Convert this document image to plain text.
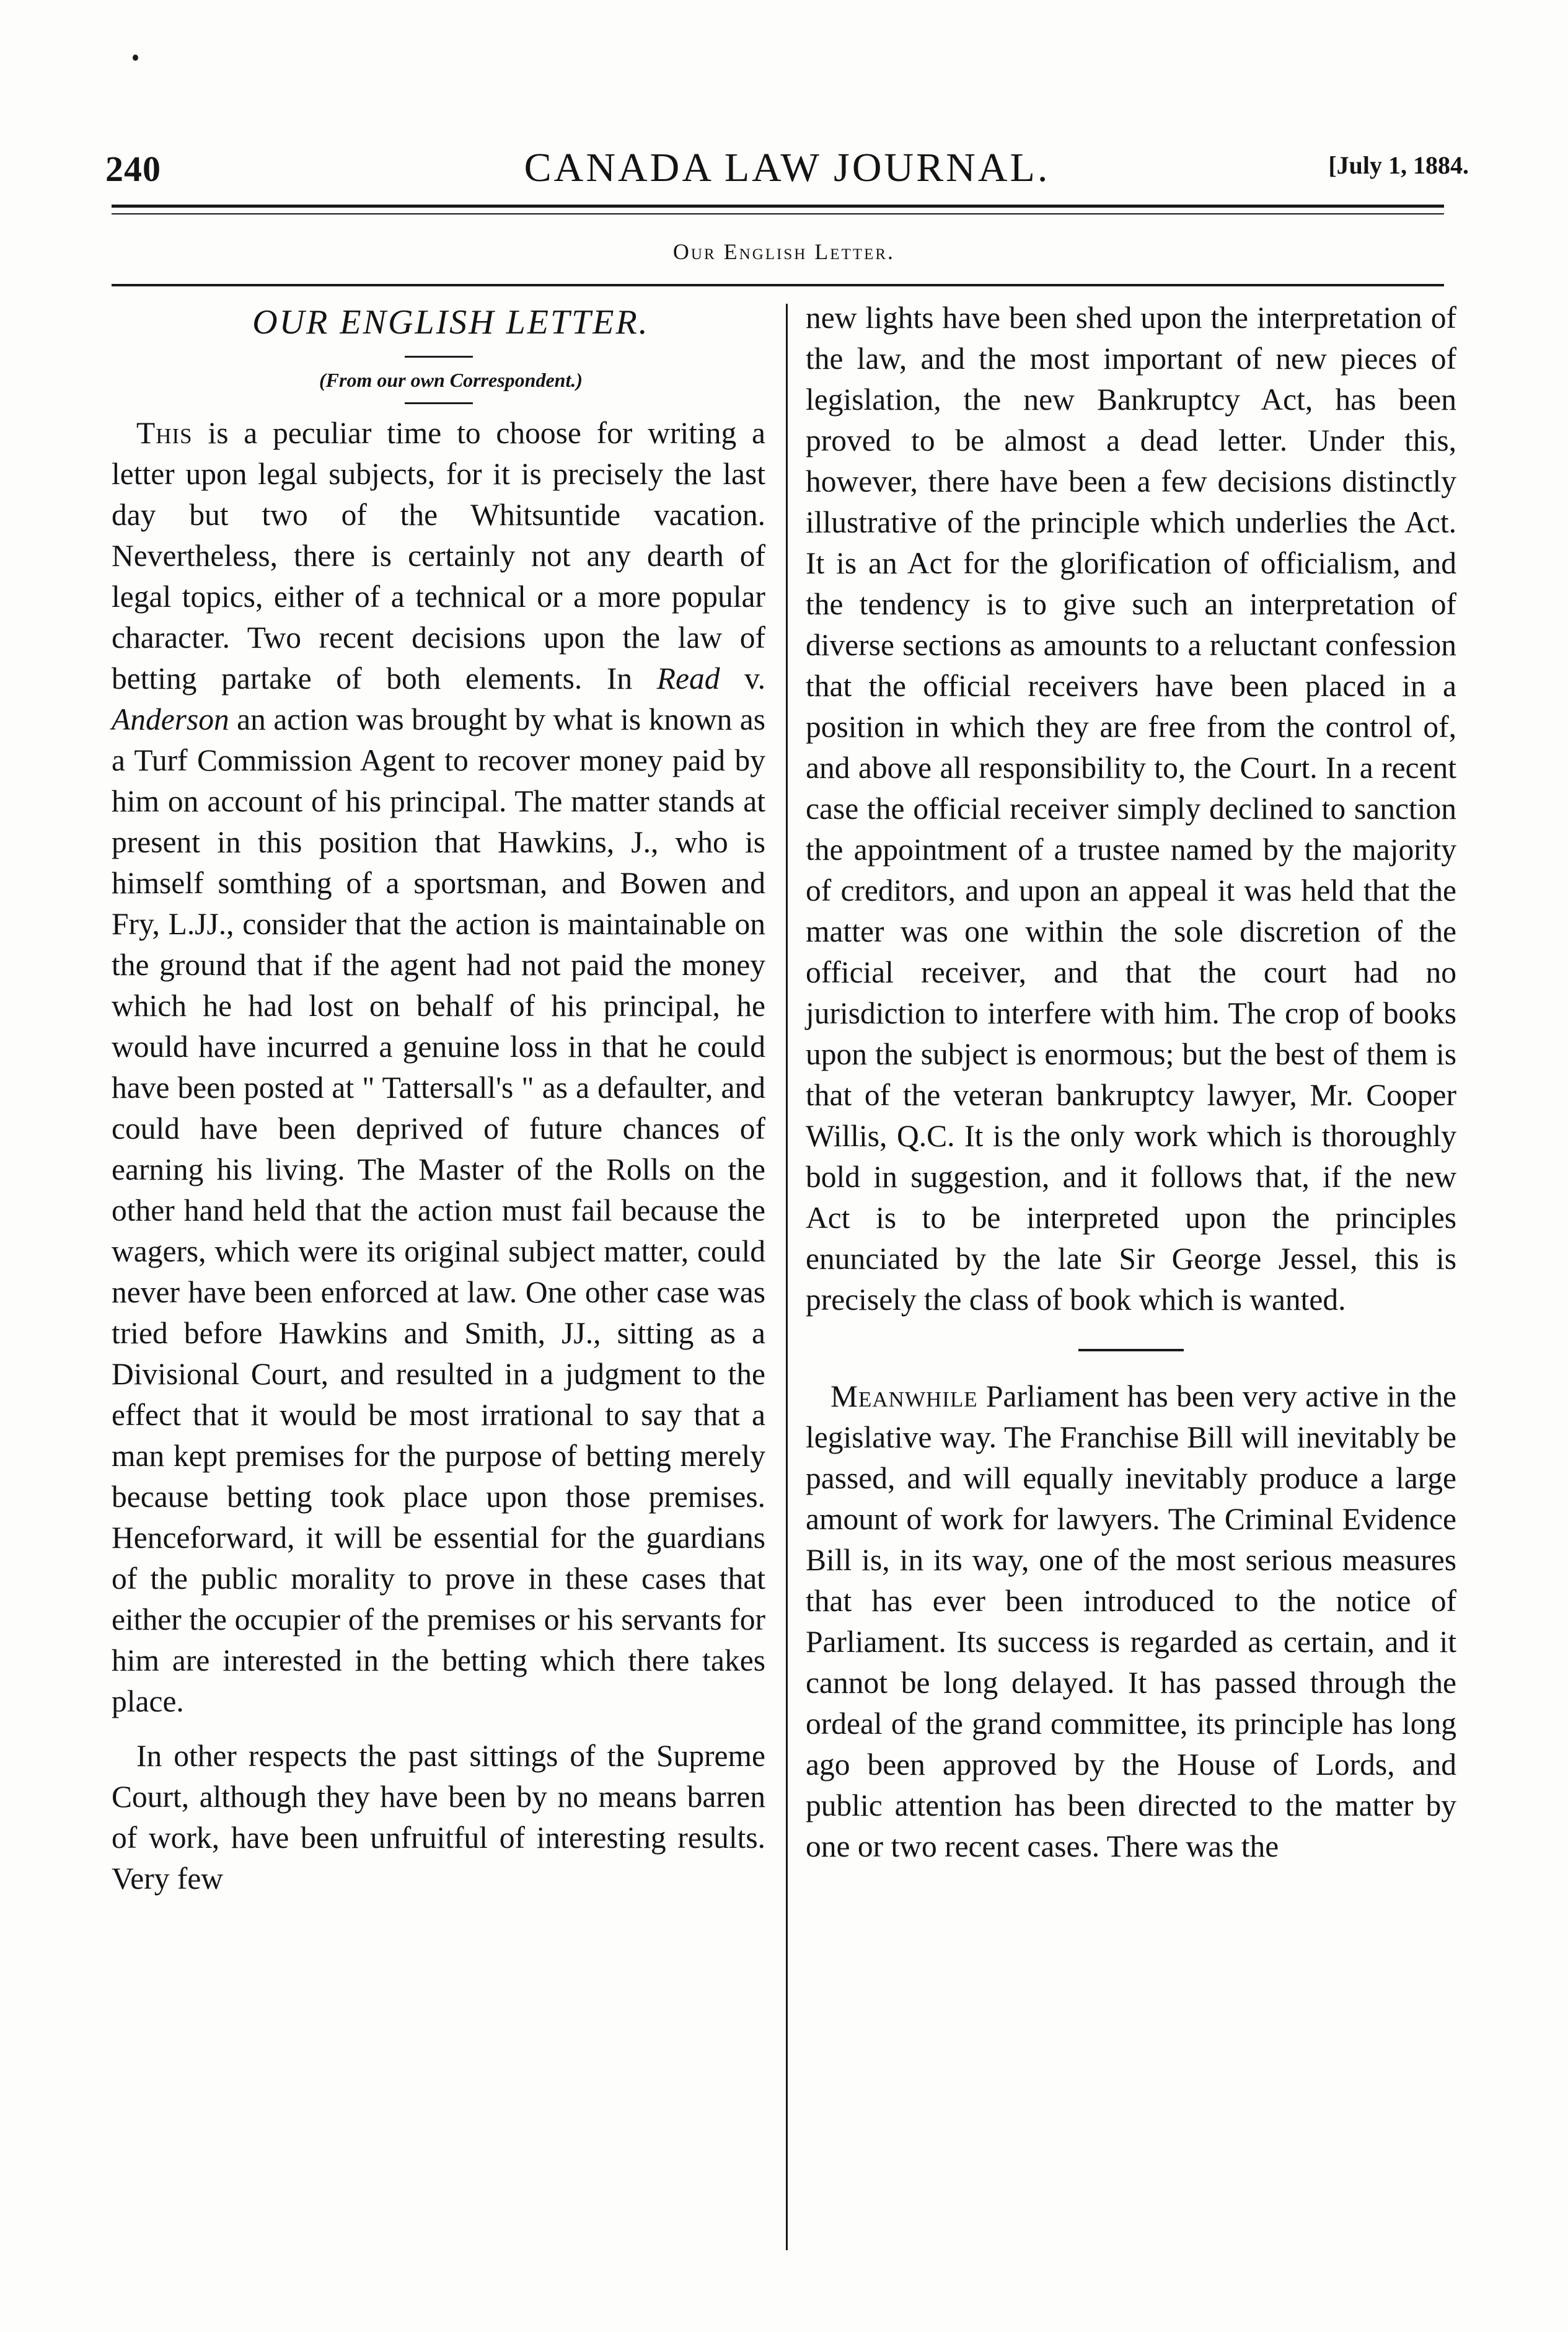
240	CANADA LAW JOURNAL.	[July 1, 1884.
Our English Letter.

OUR ENGLISH LETTER.

(From our own Correspondent.)

This is a peculiar time to choose for writing a letter upon legal subjects, for it is precisely the last day but two of the Whitsuntide vacation. Nevertheless, there is certainly not any dearth of legal topics, either of a technical or a more popular character. Two recent decisions upon the law of betting partake of both elements. In Read v. Anderson an action was brought by what is known as a Turf Commission Agent to recover money paid by him on account of his principal. The matter stands at present in this position that Hawkins, J., who is himself somthing of a sportsman, and Bowen and Fry, L.JJ., consider that the action is maintainable on the ground that if the agent had not paid the money which he had lost on behalf of his principal, he would have incurred a genuine loss in that he could have been posted at " Tattersall's " as a defaulter, and could have been deprived of future chances of earning his living. The Master of the Rolls on the other hand held that the action must fail because the wagers, which were its original subject matter, could never have been enforced at law. One other case was tried before Hawkins and Smith, JJ., sitting as a Divisional Court, and resulted in a judgment to the effect that it would be most irrational to say that a man kept premises for the purpose of betting merely because betting took place upon those premises. Henceforward, it will be essential for the guardians of the public morality to prove in these cases that either the occupier of the premises or his servants for him are interested in the betting which there takes place.

In other respects the past sittings of the Supreme Court, although they have been by no means barren of work, have been unfruitful of interesting results. Very few

new lights have been shed upon the interpretation of the law, and the most important of new pieces of legislation, the new Bankruptcy Act, has been proved to be almost a dead letter. Under this, however, there have been a few decisions distinctly illustrative of the principle which underlies the Act. It is an Act for the glorification of officialism, and the tendency is to give such an interpretation of diverse sections as amounts to a reluctant confession that the official receivers have been placed in a position in which they are free from the control of, and above all responsibility to, the Court. In a recent case the official receiver simply declined to sanction the appointment of a trustee named by the majority of creditors, and upon an appeal it was held that the matter was one within the sole discretion of the official receiver, and that the court had no jurisdiction to interfere with him. The crop of books upon the subject is enormous; but the best of them is that of the veteran bankruptcy lawyer, Mr. Cooper Willis, Q.C. It is the only work which is thoroughly bold in suggestion, and it follows that, if the new Act is to be interpreted upon the principles enunciated by the late Sir George Jessel, this is precisely the class of book which is wanted.

Meanwhile Parliament has been very active in the legislative way. The Franchise Bill will inevitably be passed, and will equally inevitably produce a large amount of work for lawyers. The Criminal Evidence Bill is, in its way, one of the most serious measures that has ever been introduced to the notice of Parliament. Its success is regarded as certain, and it cannot be long delayed. It has passed through the ordeal of the grand committee, its principle has long ago been approved by the House of Lords, and public attention has been directed to the matter by one or two recent cases. There was the
